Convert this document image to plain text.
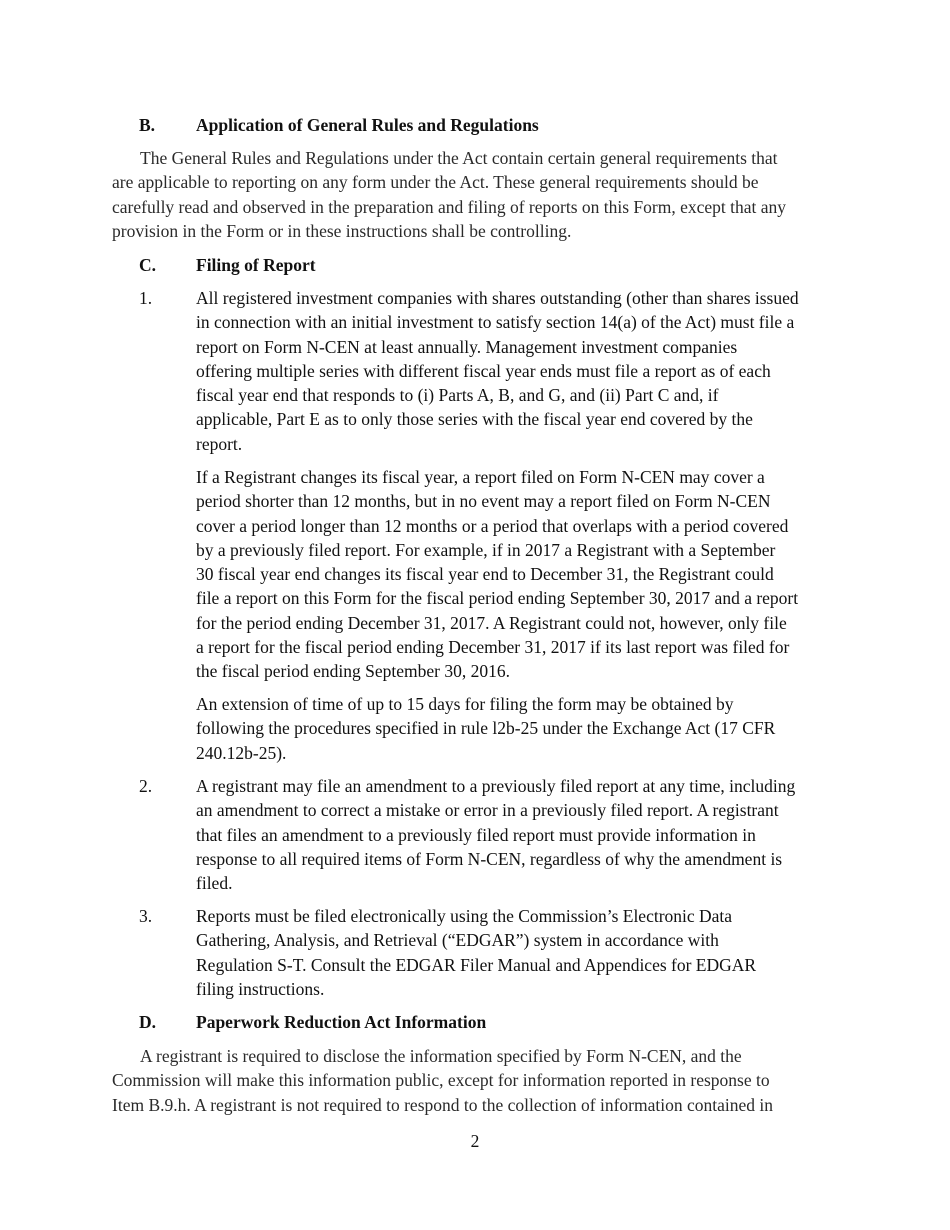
B. Application of General Rules and Regulations
The General Rules and Regulations under the Act contain certain general requirements that
are applicable to reporting on any form under the Act. These general requirements should be
carefully read and observed in the preparation and filing of reports on this Form, except that any
provision in the Form or in these instructions shall be controlling.
C. Filing of Report
1.	All registered investment companies with shares outstanding (other than shares issued
in connection with an initial investment to satisfy section 14(a) of the Act) must file a
report on Form N-CEN at least annually. Management investment companies
offering multiple series with different fiscal year ends must file a report as of each
fiscal year end that responds to (i) Parts A, B, and G, and (ii) Part C and, if
applicable, Part E as to only those series with the fiscal year end covered by the
report.
If a Registrant changes its fiscal year, a report filed on Form N-CEN may cover a
period shorter than 12 months, but in no event may a report filed on Form N-CEN
cover a period longer than 12 months or a period that overlaps with a period covered
by a previously filed report. For example, if in 2017 a Registrant with a September
30 fiscal year end changes its fiscal year end to December 31, the Registrant could
file a report on this Form for the fiscal period ending September 30, 2017 and a report
for the period ending December 31, 2017. A Registrant could not, however, only file
a report for the fiscal period ending December 31, 2017 if its last report was filed for
the fiscal period ending September 30, 2016.
An extension of time of up to 15 days for filing the form may be obtained by
following the procedures specified in rule l2b-25 under the Exchange Act (17 CFR
240.12b-25).
2.	A registrant may file an amendment to a previously filed report at any time, including
an amendment to correct a mistake or error in a previously filed report. A registrant
that files an amendment to a previously filed report must provide information in
response to all required items of Form N-CEN, regardless of why the amendment is
filed.
3.	Reports must be filed electronically using the Commission’s Electronic Data
Gathering, Analysis, and Retrieval (“EDGAR”) system in accordance with
Regulation S-T. Consult the EDGAR Filer Manual and Appendices for EDGAR
filing instructions.
D. Paperwork Reduction Act Information
A registrant is required to disclose the information specified by Form N-CEN, and the
Commission will make this information public, except for information reported in response to
Item B.9.h. A registrant is not required to respond to the collection of information contained in
2
